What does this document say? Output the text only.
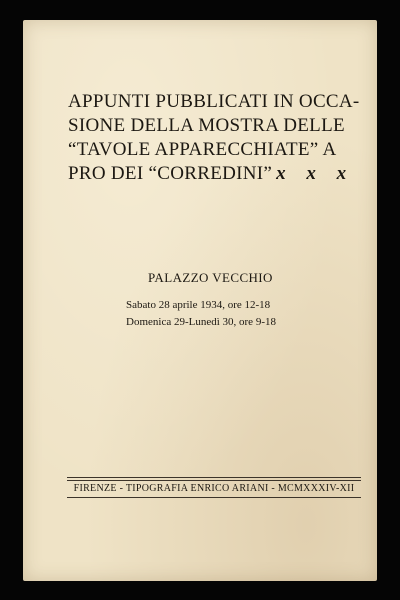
APPUNTI PUBBLICATI IN OCCA-
SIONE DELLA MOSTRA DELLE
“TAVOLE APPARECCHIATE” A
PRO DEI “CORREDINI” x x x
PALAZZO VECCHIO
Sabato 28 aprile 1934, ore 12-18
Domenica 29-Lunedì 30, ore 9-18
FIRENZE - TIPOGRAFIA ENRICO ARIANI - MCMXXXIV-XII
